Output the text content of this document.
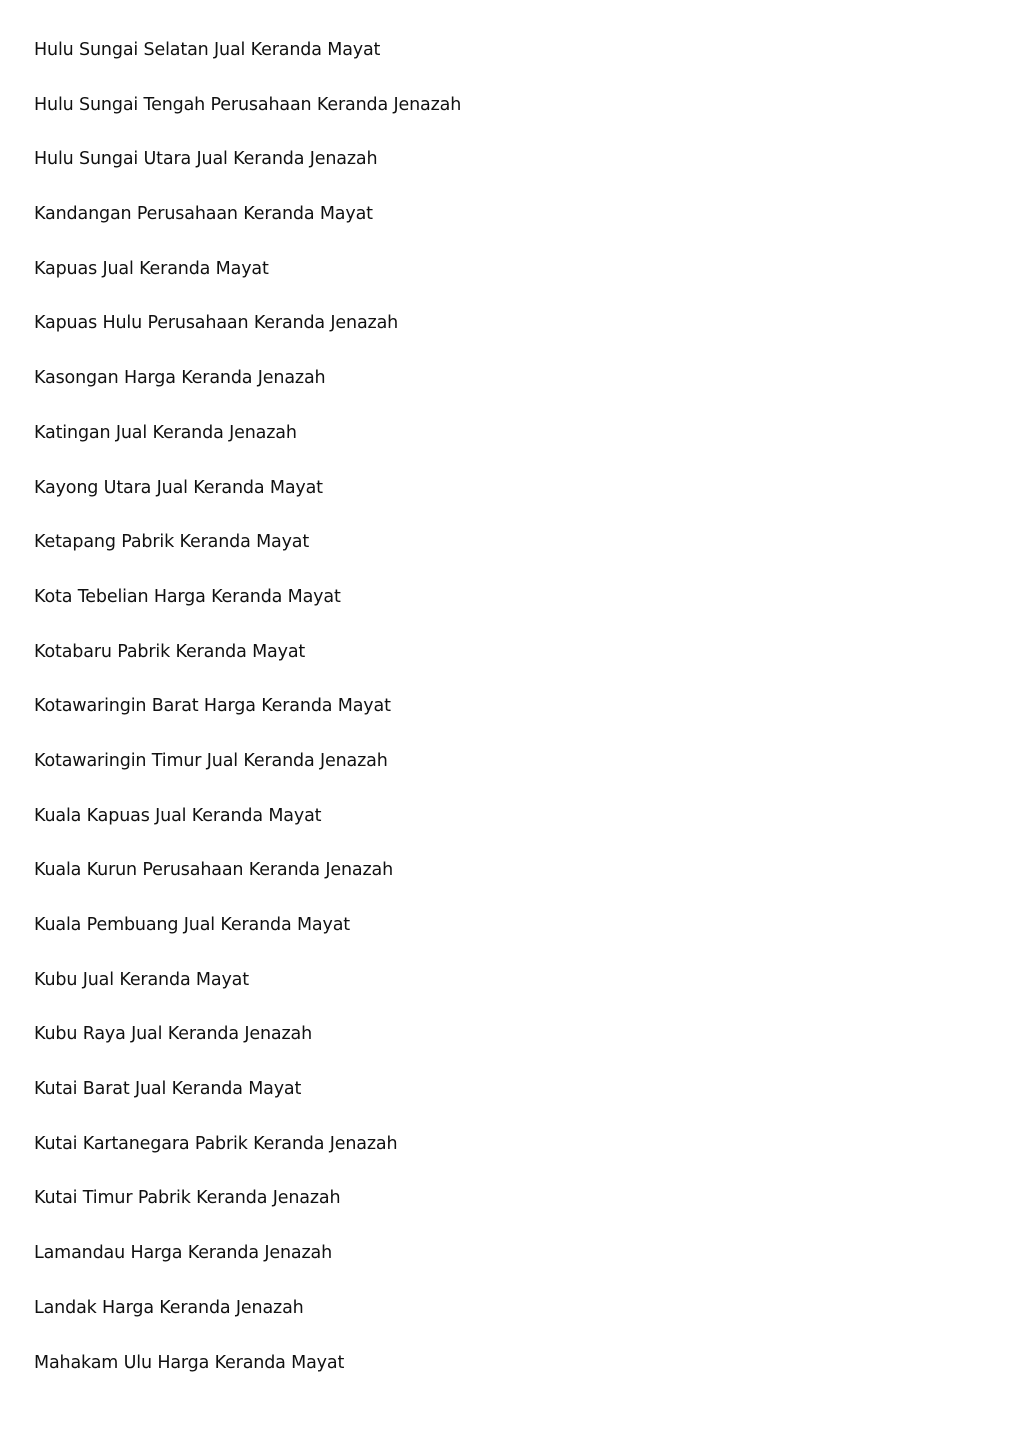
Hulu Sungai Selatan Jual Keranda Mayat
Hulu Sungai Tengah Perusahaan Keranda Jenazah
Hulu Sungai Utara Jual Keranda Jenazah
Kandangan Perusahaan Keranda Mayat
Kapuas Jual Keranda Mayat
Kapuas Hulu Perusahaan Keranda Jenazah
Kasongan Harga Keranda Jenazah
Katingan Jual Keranda Jenazah
Kayong Utara Jual Keranda Mayat
Ketapang Pabrik Keranda Mayat
Kota Tebelian Harga Keranda Mayat
Kotabaru Pabrik Keranda Mayat
Kotawaringin Barat Harga Keranda Mayat
Kotawaringin Timur Jual Keranda Jenazah
Kuala Kapuas Jual Keranda Mayat
Kuala Kurun Perusahaan Keranda Jenazah
Kuala Pembuang Jual Keranda Mayat
Kubu Jual Keranda Mayat
Kubu Raya Jual Keranda Jenazah
Kutai Barat Jual Keranda Mayat
Kutai Kartanegara Pabrik Keranda Jenazah
Kutai Timur Pabrik Keranda Jenazah
Lamandau Harga Keranda Jenazah
Landak Harga Keranda Jenazah
Mahakam Ulu Harga Keranda Mayat
